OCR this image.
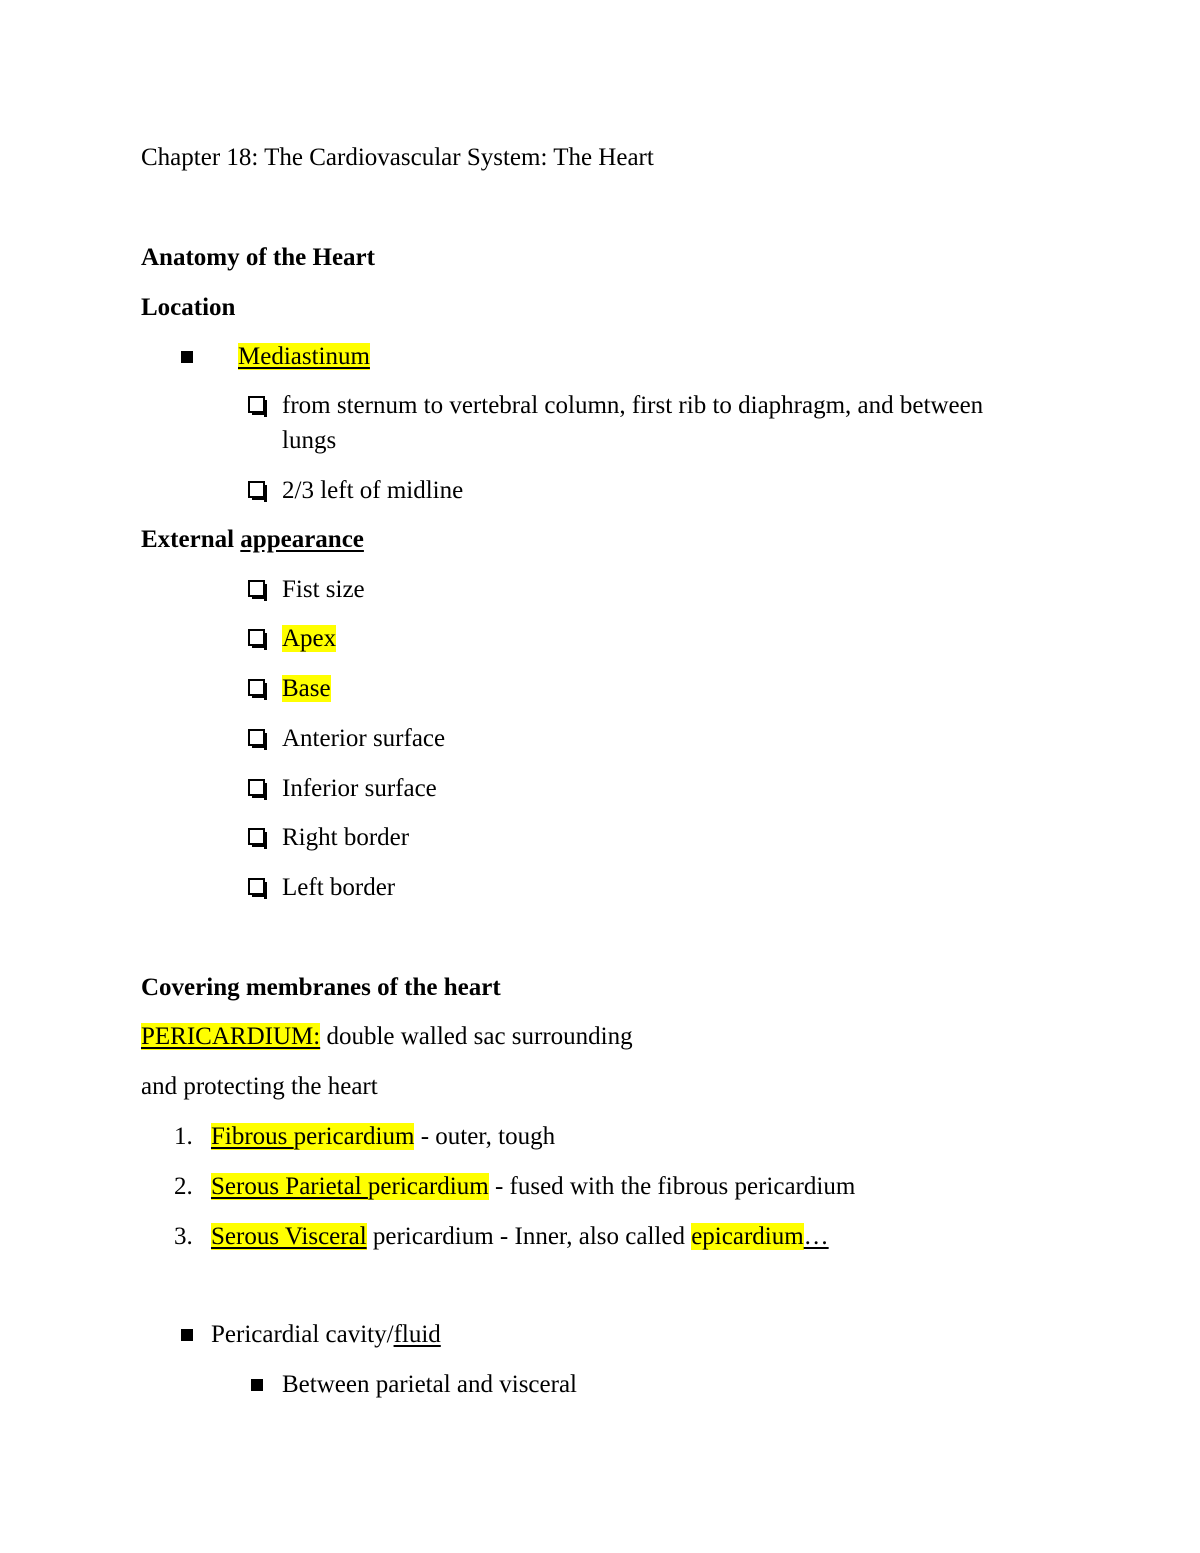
Chapter 18: The Cardiovascular System: The Heart
Anatomy of the Heart
Location
Mediastinum
from sternum to vertebral column, first rib to diaphragm, and between
lungs
2/3 left of midline
External appearance
Fist size
Apex
Base
Anterior surface
Inferior surface
Right border
Left border
Covering membranes of the heart
PERICARDIUM: double walled sac surrounding
and protecting the heart
1. Fibrous pericardium - outer, tough
2. Serous Parietal pericardium - fused with the fibrous pericardium
3. Serous Visceral pericardium - Inner, also called epicardium…
Pericardial cavity/fluid
Between parietal and visceral
